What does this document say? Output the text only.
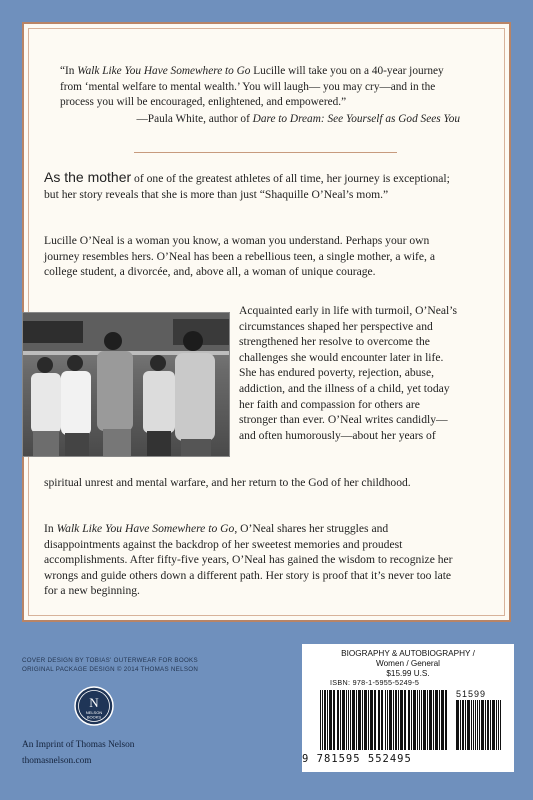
“In Walk Like You Have Somewhere to Go Lucille will take you on a 40-year journey from ‘mental welfare to mental wealth.’ You will laugh— you may cry—and in the process you will be encouraged, enlightened, and empowered.”
—Paula White, author of Dare to Dream: See Yourself as God Sees You

As the mother of one of the greatest athletes of all time, her journey is exceptional; but her story reveals that she is more than just “Shaquille O’Neal’s mom.”

Lucille O’Neal is a woman you know, a woman you understand. Perhaps your own journey resembles hers. O’Neal has been a rebellious teen, a single mother, a wife, a college student, a divorcée, and, above all, a woman of unique courage.

Acquainted early in life with turmoil, O’Neal’s circumstances shaped her perspective and strengthened her resolve to overcome the challenges she would encounter later in life. She has endured poverty, rejection, abuse, addiction, and the illness of a child, yet today her faith and compassion for others are stronger than ever. O’Neal writes candidly—and often humorously—about her years of

spiritual unrest and mental warfare, and her return to the God of her childhood.

In Walk Like You Have Somewhere to Go, O’Neal shares her struggles and disappointments against the backdrop of her sweetest memories and proudest accomplishments. After fifty-five years, O’Neal has gained the wisdom to recognize her wrongs and guide others down a different path. Her story is proof that it’s never too late for a new beginning.

COVER DESIGN BY TOBIAS' OUTERWEAR FOR BOOKS
ORIGINAL PACKAGE DESIGN © 2014 THOMAS NELSON
N
NELSON
BOOKS
An Imprint of Thomas Nelson
thomasnelson.com
BIOGRAPHY & AUTOBIOGRAPHY /
Women / General
$15.99 U.S.
ISBN: 978-1-5955-5249-5
51599
9 781595 552495
